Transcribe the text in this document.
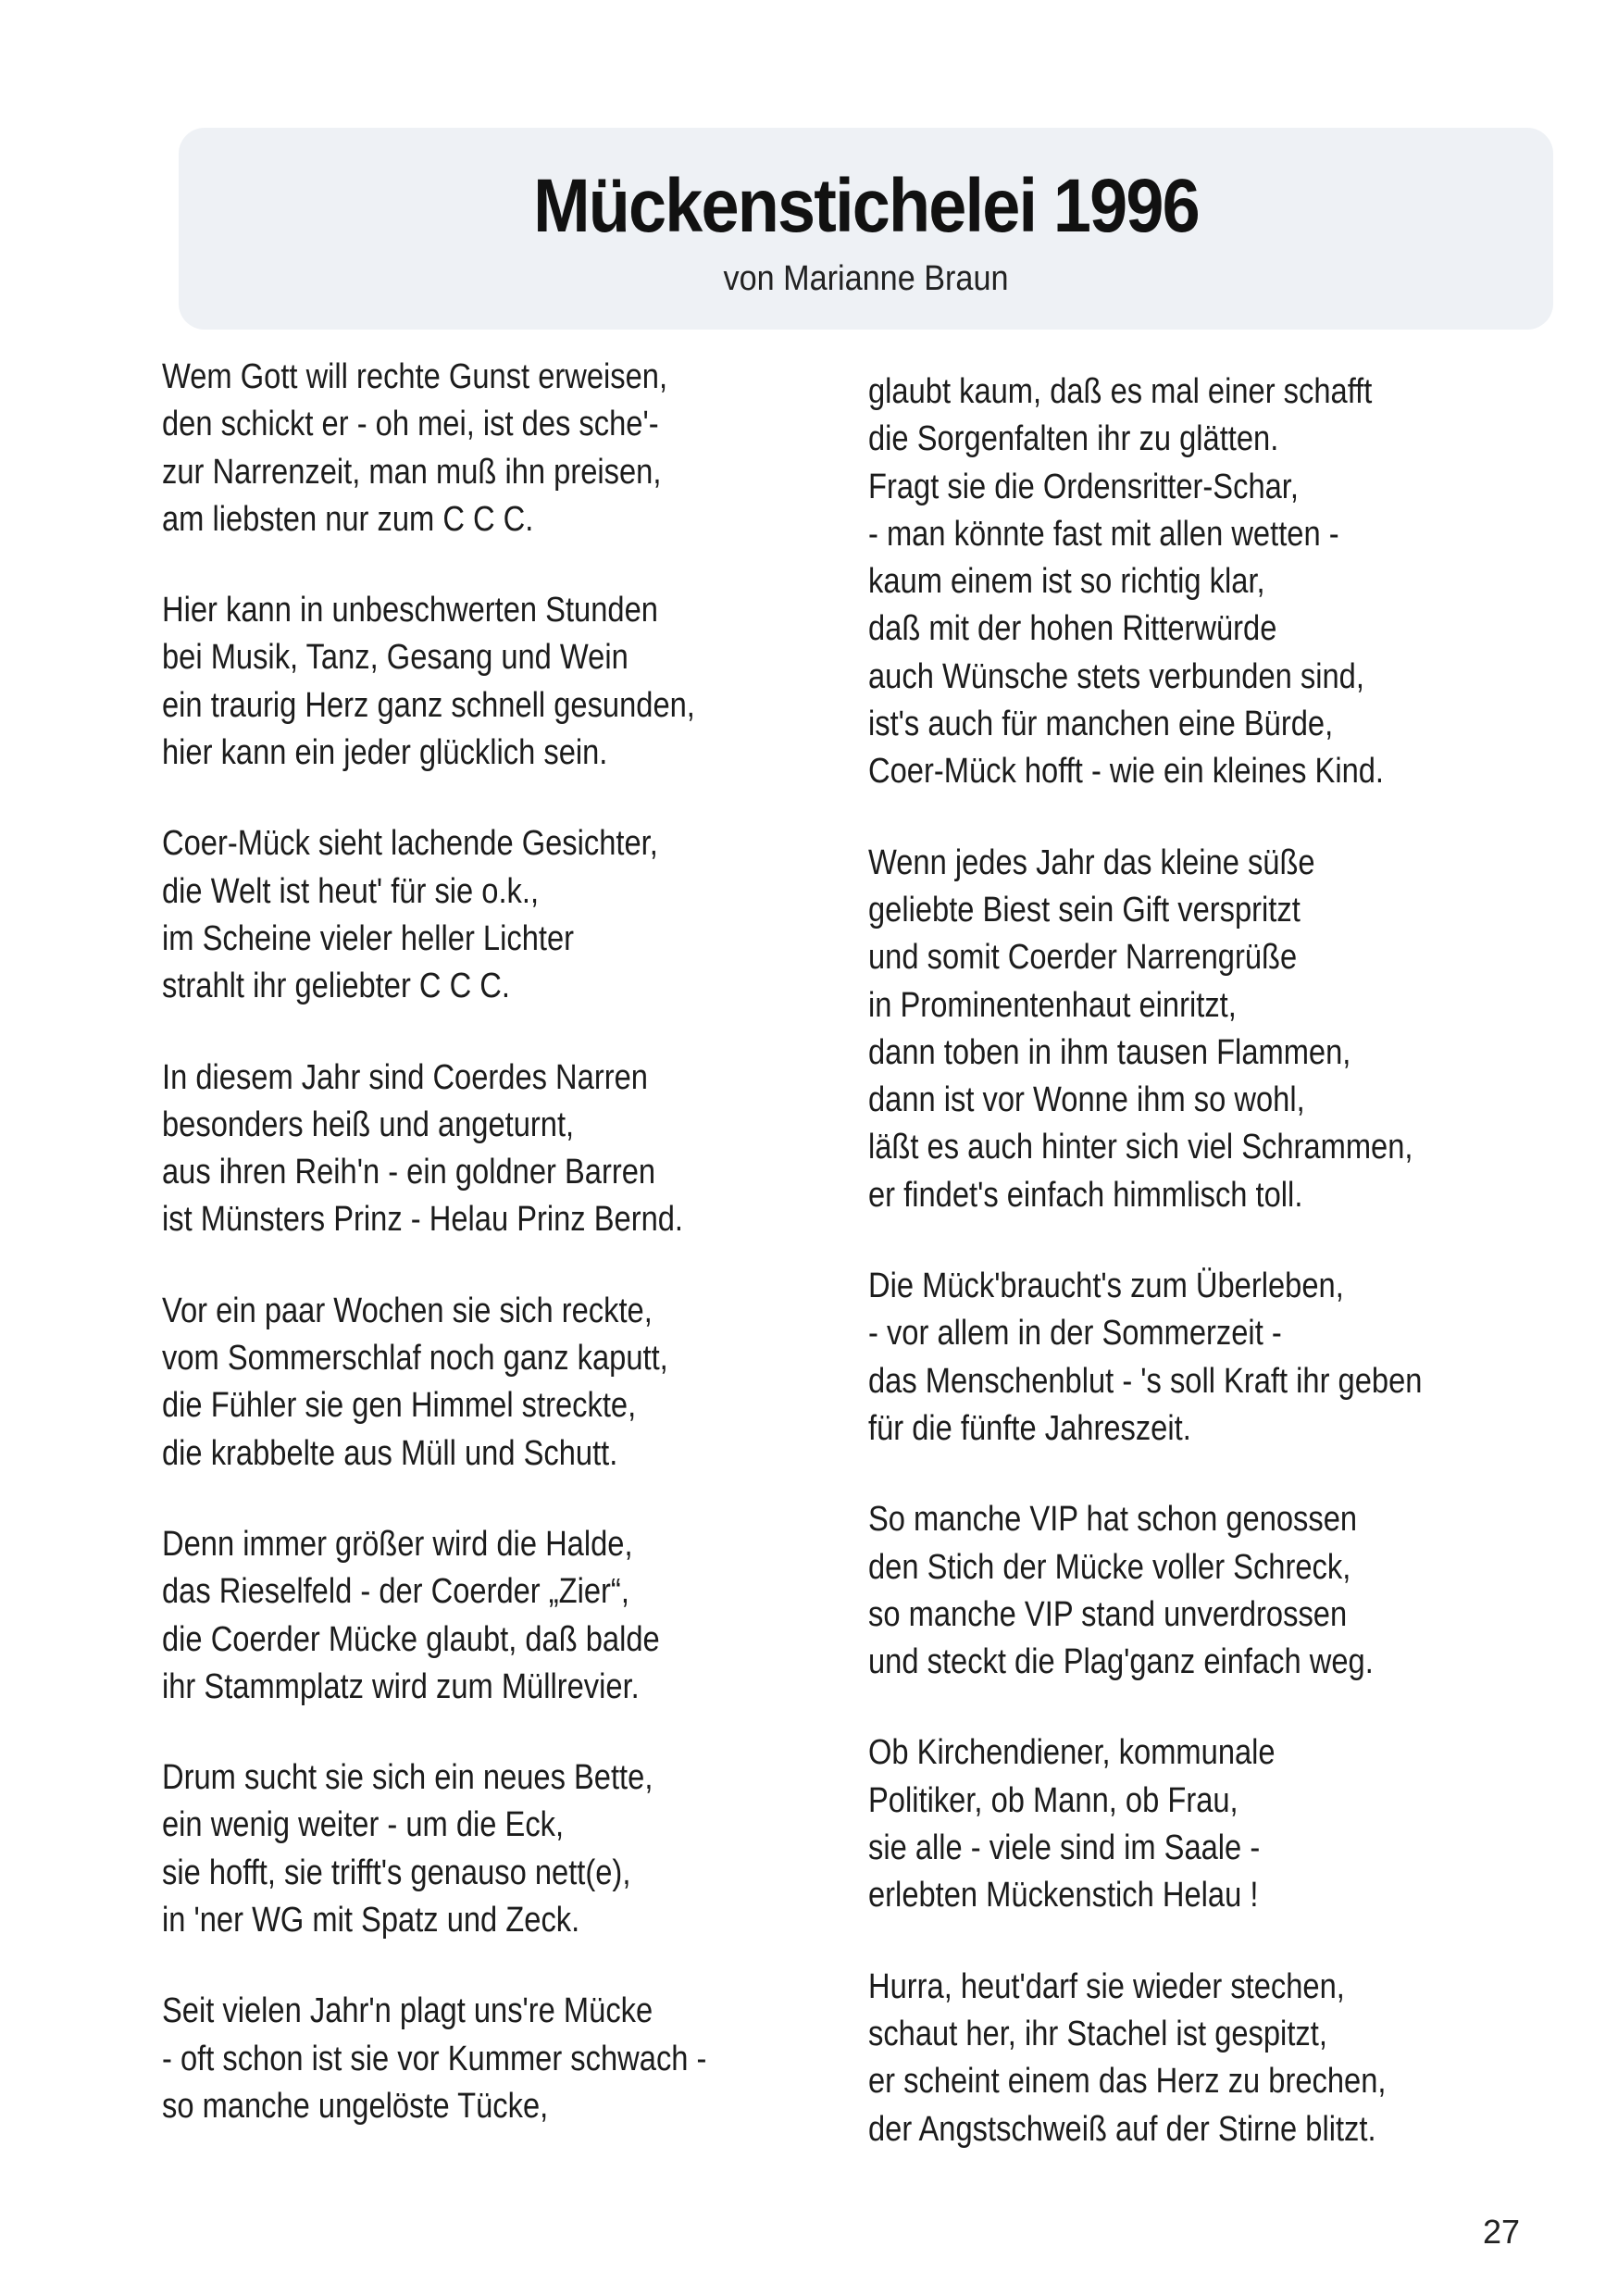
Mückenstichelei 1996
von Marianne Braun
Wem Gott will rechte Gunst erweisen,
den schickt er - oh mei, ist des sche'-
zur Narrenzeit, man muß ihn preisen,
am liebsten nur zum C C C.
Hier kann in unbeschwerten Stunden
bei Musik, Tanz, Gesang und Wein
ein traurig Herz ganz schnell gesunden,
hier kann ein jeder glücklich sein.
Coer-Mück sieht lachende Gesichter,
die Welt ist heut' für sie o.k.,
im Scheine vieler heller Lichter
strahlt ihr geliebter C C C.
In diesem Jahr sind Coerdes Narren
besonders heiß und angeturnt,
aus ihren Reih'n - ein goldner Barren
ist Münsters Prinz - Helau Prinz Bernd.
Vor ein paar Wochen sie sich reckte,
vom Sommerschlaf noch ganz kaputt,
die Fühler sie gen Himmel streckte,
die krabbelte aus Müll und Schutt.
Denn immer größer wird die Halde,
das Rieselfeld - der Coerder „Zier“,
die Coerder Mücke glaubt, daß balde
ihr Stammplatz wird zum Müllrevier.
Drum sucht sie sich ein neues Bette,
ein wenig weiter - um die Eck,
sie hofft, sie trifft's genauso nett(e),
in 'ner WG mit Spatz und Zeck.
Seit vielen Jahr'n plagt uns're Mücke
- oft schon ist sie vor Kummer schwach -
so manche ungelöste Tücke,
glaubt kaum, daß es mal einer schafft
die Sorgenfalten ihr zu glätten.
Fragt sie die Ordensritter-Schar,
- man könnte fast mit allen wetten -
kaum einem ist so richtig klar,
daß mit der hohen Ritterwürde
auch Wünsche stets verbunden sind,
ist's auch für manchen eine Bürde,
Coer-Mück hofft - wie ein kleines Kind.
Wenn jedes Jahr das kleine süße
geliebte Biest sein Gift verspritzt
und somit Coerder Narrengrüße
in Prominentenhaut einritzt,
dann toben in ihm tausen Flammen,
dann ist vor Wonne ihm so wohl,
läßt es auch hinter sich viel Schrammen,
er findet's einfach himmlisch toll.
Die Mück'braucht's zum Überleben,
- vor allem in der Sommerzeit -
das Menschenblut - 's soll Kraft ihr geben
für die fünfte Jahreszeit.
So manche VIP hat schon genossen
den Stich der Mücke voller Schreck,
so manche VIP stand unverdrossen
und steckt die Plag'ganz einfach weg.
Ob Kirchendiener, kommunale
Politiker, ob Mann, ob Frau,
sie alle - viele sind im Saale -
erlebten Mückenstich Helau !
Hurra, heut'darf sie wieder stechen,
schaut her, ihr Stachel ist gespitzt,
er scheint einem das Herz zu brechen,
der Angstschweiß auf der Stirne blitzt.
27
